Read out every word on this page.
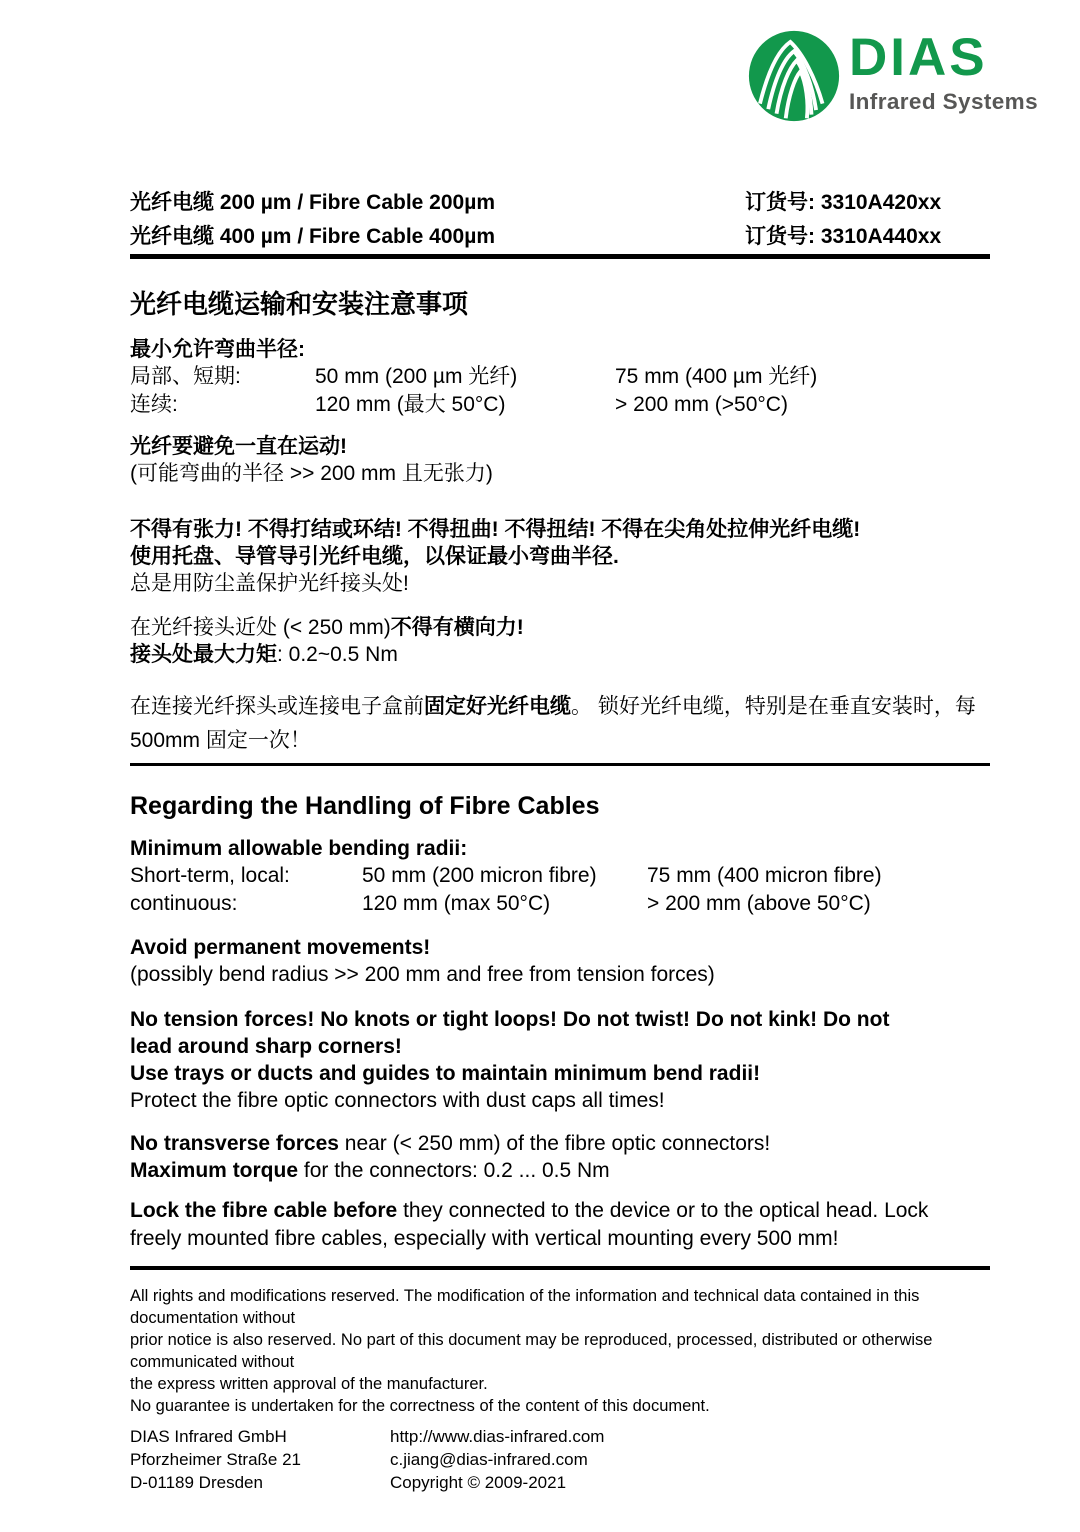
DIAS
Infrared Systems
光纤电缆 200 µm / Fibre Cable 200µm	订货号: 3310A420xx
光纤电缆 400 µm / Fibre Cable 400µm	订货号: 3310A440xx
光纤电缆运输和安装注意事项
最小允许弯曲半径:
局部、短期:	50 mm (200 µm 光纤)	75 mm (400 µm 光纤)
连续:	120 mm (最大 50°C)	> 200 mm (>50°C)
光纤要避免一直在运动!
(可能弯曲的半径 >> 200 mm 且无张力)
不得有张力! 不得打结或环结! 不得扭曲! 不得扭结! 不得在尖角处拉伸光纤电缆!
使用托盘、导管导引光纤电缆，以保证最小弯曲半径.
总是用防尘盖保护光纤接头处!
在光纤接头近处 (< 250 mm)不得有横向力!
接头处最大力矩: 0.2~0.5 Nm
在连接光纤探头或连接电子盒前固定好光纤电缆。 锁好光纤电缆，特别是在垂直安装时，每
500mm 固定一次！
Regarding the Handling of Fibre Cables
Minimum allowable bending radii:
Short-term, local:	50 mm (200 micron fibre)	75 mm (400 micron fibre)
continuous:	120 mm (max 50°C)	> 200 mm (above 50°C)
Avoid permanent movements!
(possibly bend radius >> 200 mm and free from tension forces)
No tension forces! No knots or tight loops! Do not twist! Do not kink! Do not
lead around sharp corners!
Use trays or ducts and guides to maintain minimum bend radii!
Protect the fibre optic connectors with dust caps all times!
No transverse forces near (< 250 mm) of the fibre optic connectors!
Maximum torque for the connectors: 0.2 ... 0.5 Nm
Lock the fibre cable before they connected to the device or to the optical head. Lock
freely mounted fibre cables, especially with vertical mounting every 500 mm!
All rights and modifications reserved. The modification of the information and technical data contained in this documentation without
prior notice is also reserved. No part of this document may be reproduced, processed, distributed or otherwise communicated without
the express written approval of the manufacturer.
No guarantee is undertaken for the correctness of the content of this document.
DIAS Infrared GmbH
Pforzheimer Straße 21
D-01189 Dresden
http://www.dias-infrared.com
c.jiang@dias-infrared.com
Copyright © 2009-2021
